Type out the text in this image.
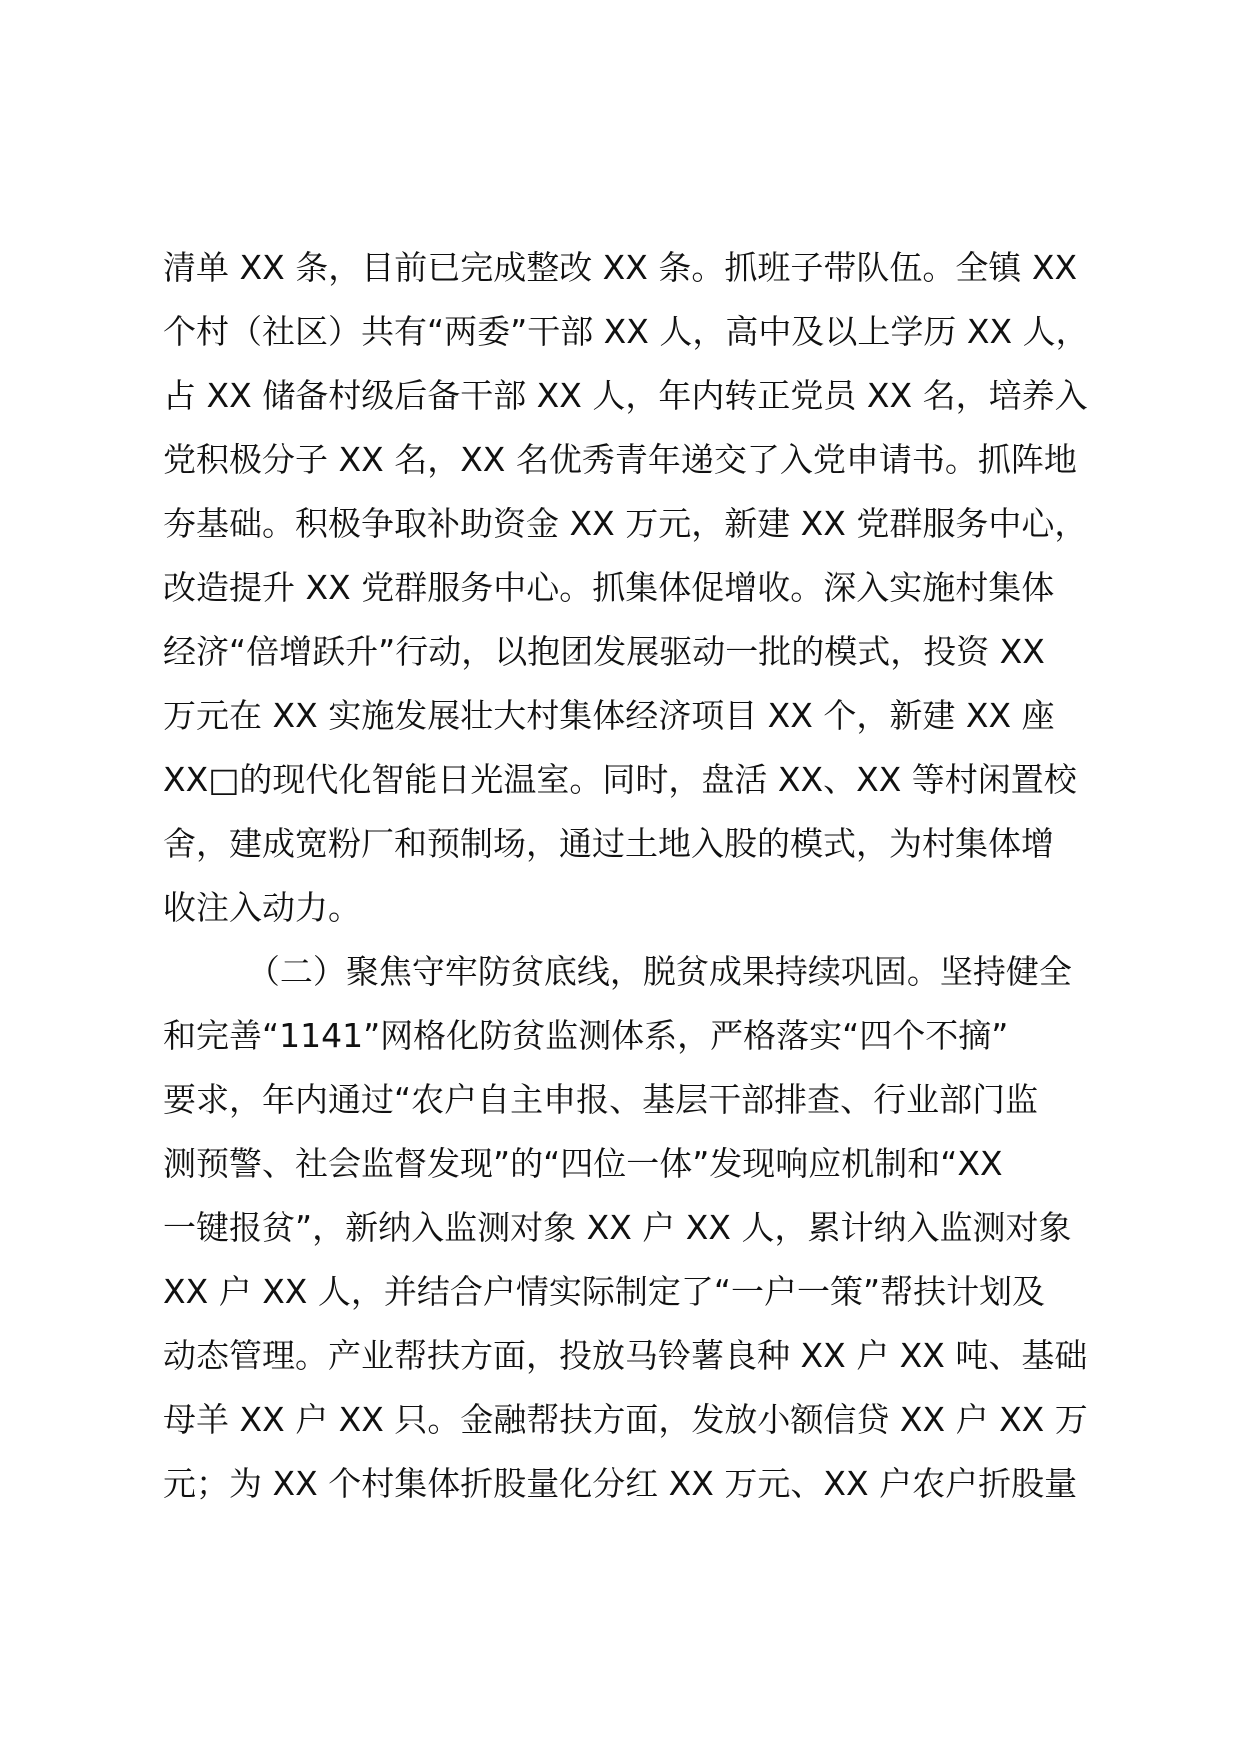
清单 XX 条，目前已完成整改 XX 条。抓班子带队伍。全镇 XX
个村（社区）共有“两委”干部 XX 人，高中及以上学历 XX 人，
占 XX 储备村级后备干部 XX 人，年内转正党员 XX 名，培养入
党积极分子 XX 名，XX 名优秀青年递交了入党申请书。抓阵地
夯基础。积极争取补助资金 XX 万元，新建 XX 党群服务中心，
改造提升 XX 党群服务中心。抓集体促增收。深入实施村集体
经济“倍增跃升”行动，以抱团发展驱动一批的模式，投资 XX
万元在 XX 实施发展壮大村集体经济项目 XX 个，新建 XX 座
XX□的现代化智能日光温室。同时，盘活 XX、XX 等村闲置校
舍，建成宽粉厂和预制场，通过土地入股的模式，为村集体增
收注入动力。
（二）聚焦守牢防贫底线，脱贫成果持续巩固。坚持健全
和完善“1141”网格化防贫监测体系，严格落实“四个不摘”
要求，年内通过“农户自主申报、基层干部排查、行业部门监
测预警、社会监督发现”的“四位一体”发现响应机制和“XX
一键报贫”，新纳入监测对象 XX 户 XX 人，累计纳入监测对象
XX 户 XX 人，并结合户情实际制定了“一户一策”帮扶计划及
动态管理。产业帮扶方面，投放马铃薯良种 XX 户 XX 吨、基础
母羊 XX 户 XX 只。金融帮扶方面，发放小额信贷 XX 户 XX 万
元；为 XX 个村集体折股量化分红 XX 万元、XX 户农户折股量
